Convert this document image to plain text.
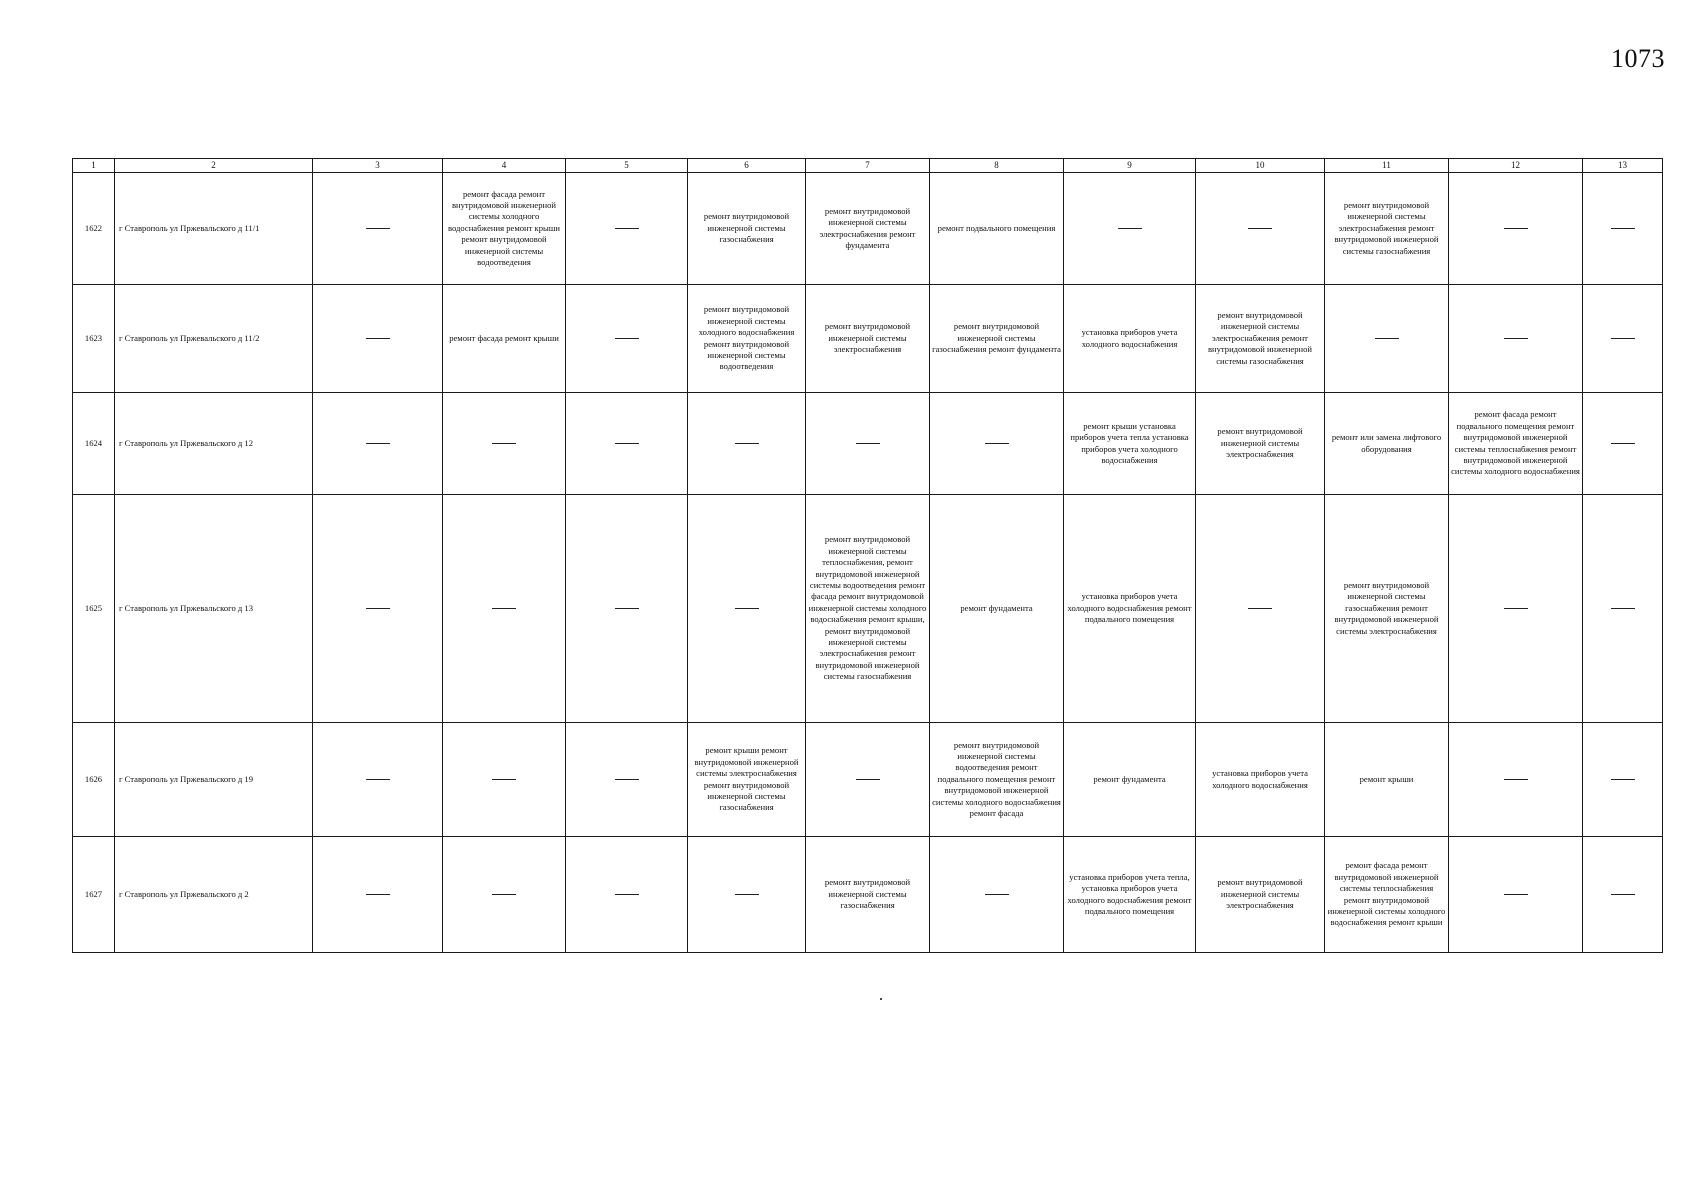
1073
1	2	3	4	5	6	7	8	9	10	11	12	13
1622	г Ставрополь ул Пржевальского д 11/1		ремонт фасада ремонт внутридомовой инженерной системы холодного водоснабжения ремонт крыши ремонт внутридомовой инженерной системы водоотведения		ремонт внутридомовой инженерной системы газоснабжения	ремонт внутридомовой инженерной системы электроснабжения ремонт фундамента	ремонт подвального помещения			ремонт внутридомовой инженерной системы электроснабжения ремонт внутридомовой инженерной системы газоснабжения		
1623	г Ставрополь ул Пржевальского д 11/2		ремонт фасада ремонт крыши		ремонт внутридомовой инженерной системы холодного водоснабжения ремонт внутридомовой инженерной системы водоотведения	ремонт внутридомовой инженерной системы электроснабжения	ремонт внутридомовой инженерной системы газоснабжения ремонт фундамента	установка приборов учета холодного водоснабжения	ремонт внутридомовой инженерной системы электроснабжения ремонт внутридомовой инженерной системы газоснабжения			
1624	г Ставрополь ул Пржевальского д 12							ремонт крыши установка приборов учета тепла установка приборов учета холодного водоснабжения	ремонт внутридомовой инженерной системы электроснабжения	ремонт или замена лифтового оборудования	ремонт фасада ремонт подвального помещения ремонт внутридомовой инженерной системы теплоснабжения ремонт внутридомовой инженерной системы холодного водоснабжения	
1625	г Ставрополь ул Пржевальского д 13					ремонт внутридомовой инженерной системы теплоснабжения, ремонт внутридомовой инженерной системы водоотведения ремонт фасада ремонт внутридомовой инженерной системы холодного водоснабжения ремонт крыши, ремонт внутридомовой инженерной системы электроснабжения ремонт внутридомовой инженерной системы газоснабжения	ремонт фундамента	установка приборов учета холодного водоснабжения ремонт подвального помещения		ремонт внутридомовой инженерной системы газоснабжения ремонт внутридомовой инженерной системы электроснабжения		
1626	г Ставрополь ул Пржевальского д 19				ремонт крыши ремонт внутридомовой инженерной системы электроснабжения ремонт внутридомовой инженерной системы газоснабжения		ремонт внутридомовой инженерной системы водоотведения ремонт подвального помещения ремонт внутридомовой инженерной системы холодного водоснабжения ремонт фасада	ремонт фундамента	установка приборов учета холодного водоснабжения	ремонт крыши		
1627	г Ставрополь ул Пржевальского д 2					ремонт внутридомовой инженерной системы газоснабжения		установка приборов учета тепла, установка приборов учета холодного водоснабжения ремонт подвального помещения	ремонт внутридомовой инженерной системы электроснабжения	ремонт фасада ремонт внутридомовой инженерной системы теплоснабжения ремонт внутридомовой инженерной системы холодного водоснабжения ремонт крыши		
